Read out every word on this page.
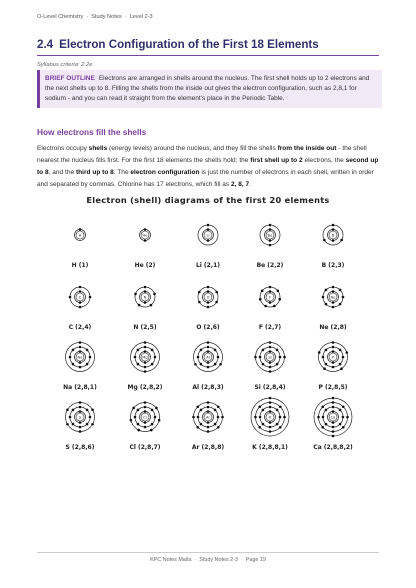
O-Level Chemistry · Study Notes · Level 2-3
2.4 Electron Configuration of the First 18 Elements
Syllabus criteria: 2.2e
BRIEF OUTLINE Electrons are arranged in shells around the nucleus. The first shell holds up to 2 electrons and the next shells up to 8. Filling the shells from the inside out gives the electron configuration, such as 2,8,1 for sodium - and you can read it straight from the element's place in the Periodic Table.
How electrons fill the shells
Electrons occupy shells (energy levels) around the nucleus, and they fill the shells from the inside out - the shell nearest the nucleus fills first. For the first 18 elements the shells hold: the first shell up to 2 electrons, the second up to 8, and the third up to 8. The electron configuration is just the number of electrons in each shell, written in order and separated by commas. Chlorine has 17 electrons, which fill as 2, 8, 7.
Electron (shell) diagrams of the first 20 elements
H
H (1)
He
He (2)
Li
Li (2,1)
Be
Be (2,2)
B
B (2,3)
C
C (2,4)
N
N (2,5)
O
O (2,6)
F
F (2,7)
Ne
Ne (2,8)
Na
Na (2,8,1)
Mg
Mg (2,8,2)
Al
Al (2,8,3)
Si
Si (2,8,4)
P
P (2,8,5)
S
S (2,8,6)
Cl
Cl (2,8,7)
Ar
Ar (2,8,8)
K
K (2,8,8,1)
Ca
Ca (2,8,8,2)
KPC Notes Malta · Study Notes 2-3 · Page 19
